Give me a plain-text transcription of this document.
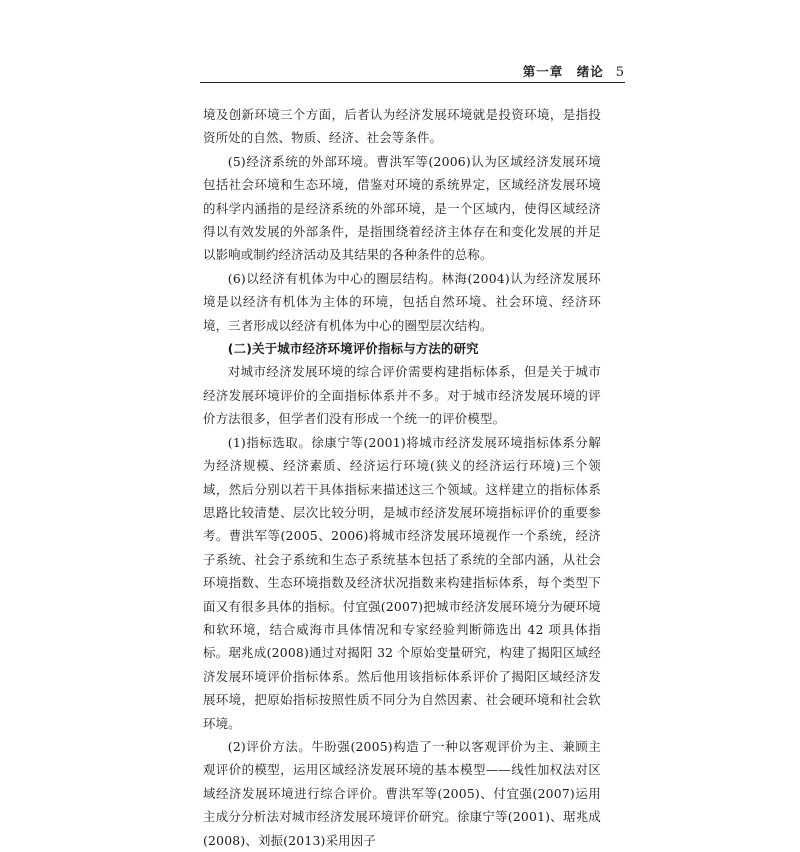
第一章　绪论 5

境及创新环境三个方面，后者认为经济发展环境就是投资环境，是指投资所处的自然、物质、经济、社会等条件。

(5)经济系统的外部环境。曹洪军等(2006)认为区域经济发展环境包括社会环境和生态环境，借鉴对环境的系统界定，区域经济发展环境的科学内涵指的是经济系统的外部环境，是一个区域内，使得区域经济得以有效发展的外部条件，是指围绕着经济主体存在和变化发展的并足以影响或制约经济活动及其结果的各种条件的总称。

(6)以经济有机体为中心的圈层结构。林海(2004)认为经济发展环境是以经济有机体为主体的环境，包括自然环境、社会环境、经济环境，三者形成以经济有机体为中心的圈型层次结构。

(二)关于城市经济环境评价指标与方法的研究

对城市经济发展环境的综合评价需要构建指标体系，但是关于城市经济发展环境评价的全面指标体系并不多。对于城市经济发展环境的评价方法很多，但学者们没有形成一个统一的评价模型。

(1)指标选取。徐康宁等(2001)将城市经济发展环境指标体系分解为经济规模、经济素质、经济运行环境(狭义的经济运行环境)三个领域，然后分别以若干具体指标来描述这三个领域。这样建立的指标体系思路比较清楚、层次比较分明，是城市经济发展环境指标评价的重要参考。曹洪军等(2005、2006)将城市经济发展环境视作一个系统，经济子系统、社会子系统和生态子系统基本包括了系统的全部内涵，从社会环境指数、生态环境指数及经济状况指数来构建指标体系，每个类型下面又有很多具体的指标。付宜强(2007)把城市经济发展环境分为硬环境和软环境，结合威海市具体情况和专家经验判断筛选出 42 项具体指标。琚兆成(2008)通过对揭阳 32 个原始变量研究，构建了揭阳区域经济发展环境评价指标体系。然后他用该指标体系评价了揭阳区域经济发展环境，把原始指标按照性质不同分为自然因素、社会硬环境和社会软环境。

(2)评价方法。牛盼强(2005)构造了一种以客观评价为主、兼顾主观评价的模型，运用区域经济发展环境的基本模型——线性加权法对区域经济发展环境进行综合评价。曹洪军等(2005)、付宜强(2007)运用主成分分析法对城市经济发展环境评价研究。徐康宁等(2001)、琚兆成(2008)、刘振(2013)采用因子
